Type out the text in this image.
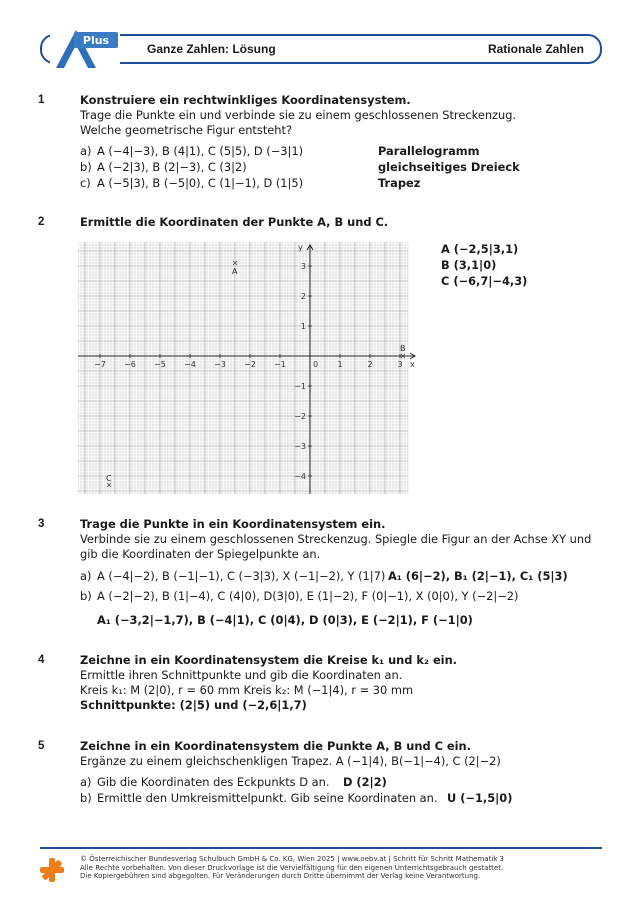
Plus
Ganze Zahlen: Lösung	Rationale Zahlen
1	Konstruiere ein rechtwinkliges Koordinatensystem.
Trage die Punkte ein und verbinde sie zu einem geschlossenen Streckenzug.
Welche geometrische Figur entsteht?
a) A (−4|−3), B (4|1), C (5|5), D (−3|1)	Parallelogramm
b) A (−2|3), B (2|−3), C (3|2)	gleichseitiges Dreieck
c) A (−5|3), B (−5|0), C (1|−1), D (1|5)	Trapez
2	Ermittle die Koordinaten der Punkte A, B und C.
x
y
−7 −6 −5 −4 −3 −2 −1	1	2	3
0
3
2
1
−1
−2
−3
−4
A
B
C
A (−2,5|3,1)
B (3,1|0)
C (−6,7|−4,3)
3	Trage die Punkte in ein Koordinatensystem ein.
Verbinde sie zu einem geschlossenen Streckenzug. Spiegle die Figur an der Achse XY und
gib die Koordinaten der Spiegelpunkte an.
a) A (−4|−2), B (−1|−1), C (−3|3), X (−1|−2), Y (1|7) A₁ (6|−2), B₁ (2|−1), C₁ (5|3)
b) A (−2|−2), B (1|−4), C (4|0), D(3|0), E (1|−2), F (0|−1), X (0|0), Y (−2|−2)
A₁ (−3,2|−1,7), B (−4|1), C (0|4), D (0|3), E (−2|1), F (−1|0)
4	Zeichne in ein Koordinatensystem die Kreise k₁ und k₂ ein.
Ermittle ihren Schnittpunkte und gib die Koordinaten an.
Kreis k₁: M (2|0), r = 60 mm Kreis k₂: M (−1|4), r = 30 mm
Schnittpunkte: (2|5) und (−2,6|1,7)
5	Zeichne in ein Koordinatensystem die Punkte A, B und C ein.
Ergänze zu einem gleichschenkligen Trapez. A (−1|4), B(−1|−4), C (2|−2)
a) Gib die Koordinaten des Eckpunkts D an. D (2|2)
b) Ermittle den Umkreismittelpunkt. Gib seine Koordinaten an. U (−1,5|0)
© Österreichischer Bundesverlag Schulbuch GmbH & Co. KG, Wien 2025 | www.oebv.at | Schritt für Schritt Mathematik 3
Alle Rechte vorbehalten. Von dieser Druckvorlage ist die Vervielfältigung für den eigenen Unterrichtsgebrauch gestattet.
Die Kopiergebühren sind abgegolten. Für Veränderungen durch Dritte übernimmt der Verlag keine Verantwortung.
